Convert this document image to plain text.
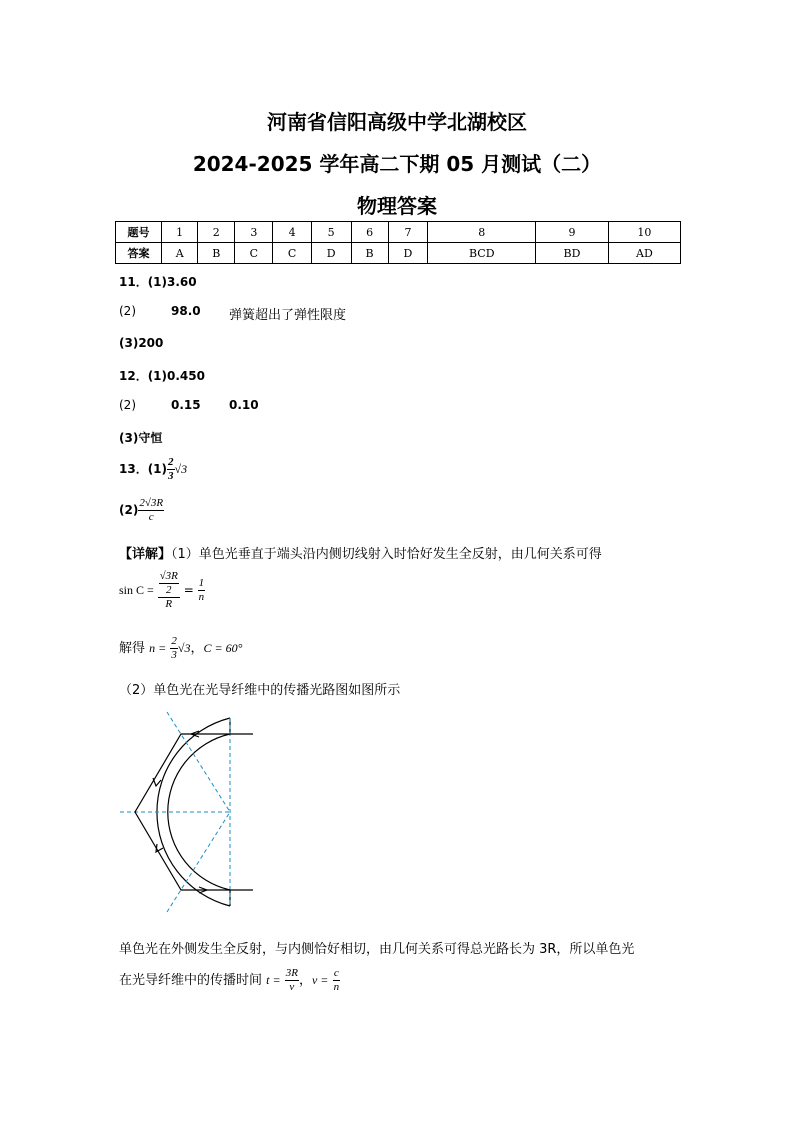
河南省信阳高级中学北湖校区
2024-2025 学年高二下期 05 月测试（二）
物理答案
题号	1	2	3	4	5	6	7	8	9	10
答案	A	B	C	C	D	B	D	BCD	BD	AD
11．(1)3.60
(2)	98.0 弹簧超出了弹性限度
(3)200
12．(1)0.450
(2)	0.15 0.10
(3)守恒
13．$(1) \frac{2}{3} √3$
$(2) \frac{2√3R}{c}$
【详解】（1）单色光垂直于端头沿内侧切线射入时恰好发生全反射，由几何关系可得
$\sin C = \frac{\frac{√3R}{2}}{R} = \frac{1}{n}$
解得 $n = \frac{2}{3} √3$，C = 60°
（2）单色光在光导纤维中的传播光路图如图所示
单色光在外侧发生全反射，与内侧恰好相切，由几何关系可得总光路长为 3R，所以单色光
在光导纤维中的传播时间 $t = \frac{3R}{v}$ ，$v = \frac{c}{n}$
